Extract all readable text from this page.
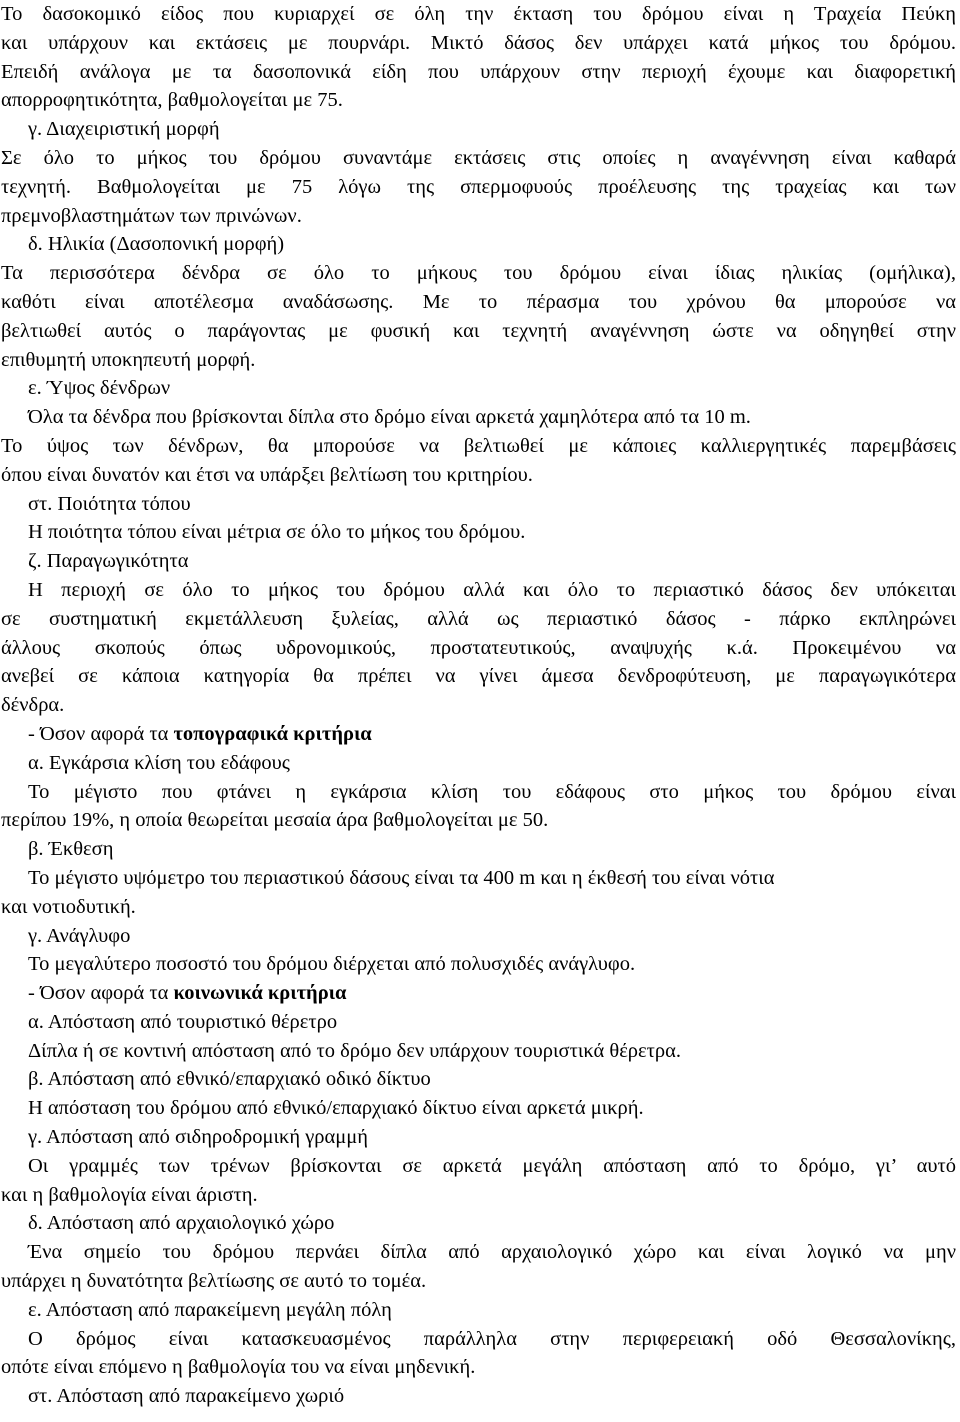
Το δασοκομικό είδος που κυριαρχεί σε όλη την έκταση του δρόμου είναι η Τραχεία Πεύκη
και υπάρχουν και εκτάσεις με πουρνάρι. Μικτό δάσος δεν υπάρχει κατά μήκος του δρόμου.
Επειδή ανάλογα με τα δασοπονικά είδη που υπάρχουν στην περιοχή έχουμε και διαφορετική
απορροφητικότητα, βαθμολογείται με 75.
γ. Διαχειριστική μορφή
Σε όλο το μήκος του δρόμου συναντάμε εκτάσεις στις οποίες η αναγέννηση είναι καθαρά
τεχνητή. Βαθμολογείται με 75 λόγω της σπερμοφυούς προέλευσης της τραχείας και των
πρεμνοβλαστημάτων των πρινώνων.
δ. Ηλικία (Δασοπονική μορφή)
Τα περισσότερα δένδρα σε όλο το μήκους του δρόμου είναι ίδιας ηλικίας (ομήλικα),
καθότι είναι αποτέλεσμα αναδάσωσης. Με το πέρασμα του χρόνου θα μπορούσε να
βελτιωθεί αυτός ο παράγοντας με φυσική και τεχνητή αναγέννηση ώστε να οδηγηθεί στην
επιθυμητή υποκηπευτή μορφή.
ε. Ύψος δένδρων
Όλα τα δένδρα που βρίσκονται δίπλα στο δρόμο είναι αρκετά χαμηλότερα από τα 10 m.
Το ύψος των δένδρων, θα μπορούσε να βελτιωθεί με κάποιες καλλιεργητικές παρεμβάσεις
όπου είναι δυνατόν και έτσι να υπάρξει βελτίωση του κριτηρίου.
στ. Ποιότητα τόπου
Η ποιότητα τόπου είναι μέτρια σε όλο το μήκος του δρόμου.
ζ. Παραγωγικότητα
Η περιοχή σε όλο το μήκος του δρόμου αλλά και όλο το περιαστικό δάσος δεν υπόκειται
σε συστηματική εκμετάλλευση ξυλείας, αλλά ως περιαστικό δάσος - πάρκο εκπληρώνει
άλλους σκοπούς όπως υδρονομικούς, προστατευτικούς, αναψυχής κ.ά. Προκειμένου να
ανεβεί σε κάποια κατηγορία θα πρέπει να γίνει άμεσα δενδροφύτευση, με παραγωγικότερα
δένδρα.
- Όσον αφορά τα τοπογραφικά κριτήρια
α. Εγκάρσια κλίση του εδάφους
Το μέγιστο που φτάνει η εγκάρσια κλίση του εδάφους στο μήκος του δρόμου είναι
περίπου 19%, η οποία θεωρείται μεσαία άρα βαθμολογείται με 50.
β. Έκθεση
Το μέγιστο υψόμετρο του περιαστικού δάσους είναι τα 400 m και η έκθεσή του είναι νότια
και νοτιοδυτική.
γ. Ανάγλυφο
Το μεγαλύτερο ποσοστό του δρόμου διέρχεται από πολυσχιδές ανάγλυφο.
- Όσον αφορά τα κοινωνικά κριτήρια
α. Απόσταση από τουριστικό θέρετρο
Δίπλα ή σε κοντινή απόσταση από το δρόμο δεν υπάρχουν τουριστικά θέρετρα.
β. Απόσταση από εθνικό/επαρχιακό οδικό δίκτυο
Η απόσταση του δρόμου από εθνικό/επαρχιακό δίκτυο είναι αρκετά μικρή.
γ. Απόσταση από σιδηροδρομική γραμμή
Οι γραμμές των τρένων βρίσκονται σε αρκετά μεγάλη απόσταση από το δρόμο, γι’ αυτό
και η βαθμολογία είναι άριστη.
δ. Απόσταση από αρχαιολογικό χώρο
Ένα σημείο του δρόμου περνάει δίπλα από αρχαιολογικό χώρο και είναι λογικό να μην
υπάρχει η δυνατότητα βελτίωσης σε αυτό το τομέα.
ε. Απόσταση από παρακείμενη μεγάλη πόλη
Ο δρόμος είναι κατασκευασμένος παράλληλα στην περιφερειακή οδό Θεσσαλονίκης,
οπότε είναι επόμενο η βαθμολογία του να είναι μηδενική.
στ. Απόσταση από παρακείμενο χωριό
